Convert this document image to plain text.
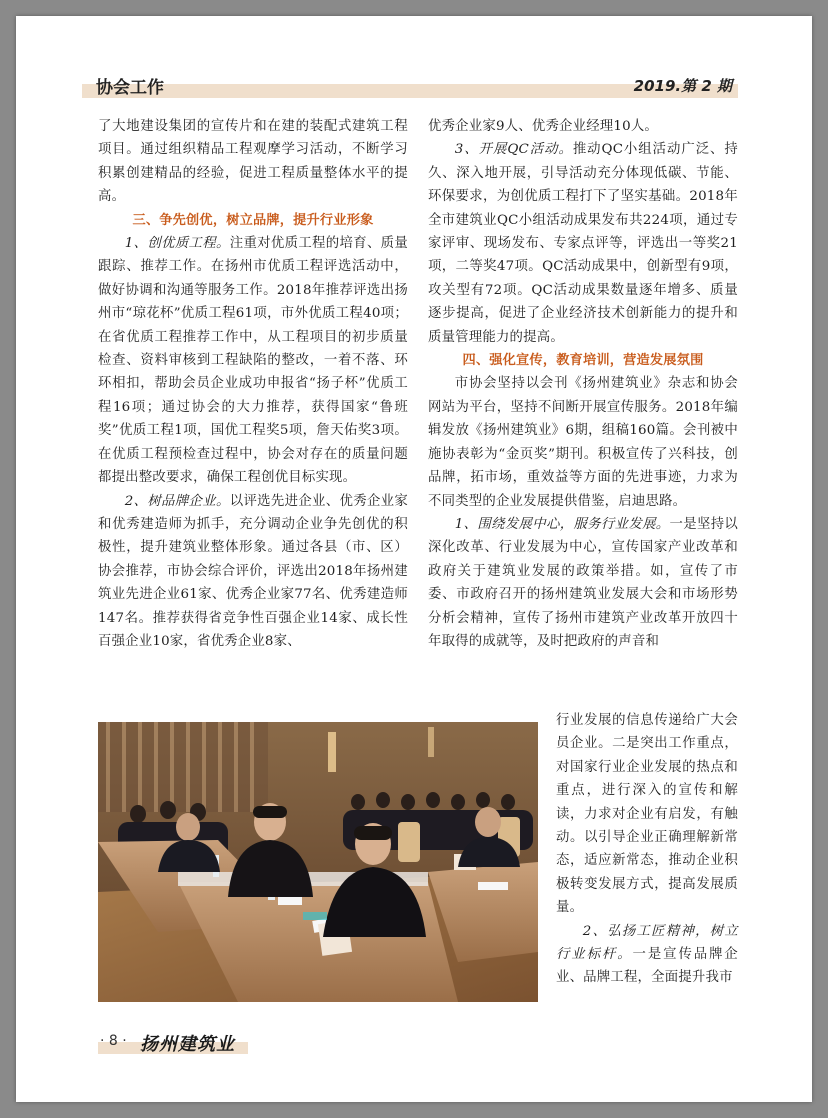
协会工作	2019.第 2 期

了大地建设集团的宣传片和在建的装配式建筑工程项目。通过组织精品工程观摩学习活动，不断学习积累创建精品的经验，促进工程质量整体水平的提高。

三、争先创优，树立品牌，提升行业形象

1、创优质工程。注重对优质工程的培育、质量跟踪、推荐工作。在扬州市优质工程评选活动中，做好协调和沟通等服务工作。2018年推荐评选出扬州市“琼花杯”优质工程61项，市外优质工程40项；在省优质工程推荐工作中，从工程项目的初步质量检查、资料审核到工程缺陷的整改，一着不落、环环相扣，帮助会员企业成功申报省“扬子杯”优质工程16项；通过协会的大力推荐，获得国家“鲁班奖”优质工程1项，国优工程奖5项，詹天佑奖3项。在优质工程预检查过程中，协会对存在的质量问题都提出整改要求，确保工程创优目标实现。

2、树品牌企业。以评选先进企业、优秀企业家和优秀建造师为抓手，充分调动企业争先创优的积极性，提升建筑业整体形象。通过各县（市、区）协会推荐，市协会综合评价，评选出2018年扬州建筑业先进企业61家、优秀企业家77名、优秀建造师147名。推荐获得省竞争性百强企业14家、成长性百强企业10家，省优秀企业8家、

优秀企业家9人、优秀企业经理10人。

3、开展QC活动。推动QC小组活动广泛、持久、深入地开展，引导活动充分体现低碳、节能、环保要求，为创优质工程打下了坚实基础。2018年全市建筑业QC小组活动成果发布共224项，通过专家评审、现场发布、专家点评等，评选出一等奖21项，二等奖47项。QC活动成果中，创新型有9项，攻关型有72项。QC活动成果数量逐年增多、质量逐步提高，促进了企业经济技术创新能力的提升和质量管理能力的提高。

四、强化宣传，教育培训，营造发展氛围

市协会坚持以会刊《扬州建筑业》杂志和协会网站为平台，坚持不间断开展宣传服务。2018年编辑发放《扬州建筑业》6期，组稿160篇。会刊被中施协表彰为“金页奖”期刊。积极宣传了兴科技，创品牌，拓市场，重效益等方面的先进事迹，力求为不同类型的企业发展提供借鉴，启迪思路。

1、围绕发展中心，服务行业发展。一是坚持以深化改革、行业发展为中心，宣传国家产业改革和政府关于建筑业发展的政策举措。如，宣传了市委、市政府召开的扬州建筑业发展大会和市场形势分析会精神，宣传了扬州市建筑产业改革开放四十年取得的成就等，及时把政府的声音和

行业发展的信息传递给广大会员企业。二是突出工作重点，对国家行业企业发展的热点和重点，进行深入的宣传和解读，力求对企业有启发，有触动。以引导企业正确理解新常态，适应新常态，推动企业积极转变发展方式，提高发展质量。

2、弘扬工匠精神，树立行业标杆。一是宣传品牌企业、品牌工程，全面提升我市

· 8 · 扬州建筑业
